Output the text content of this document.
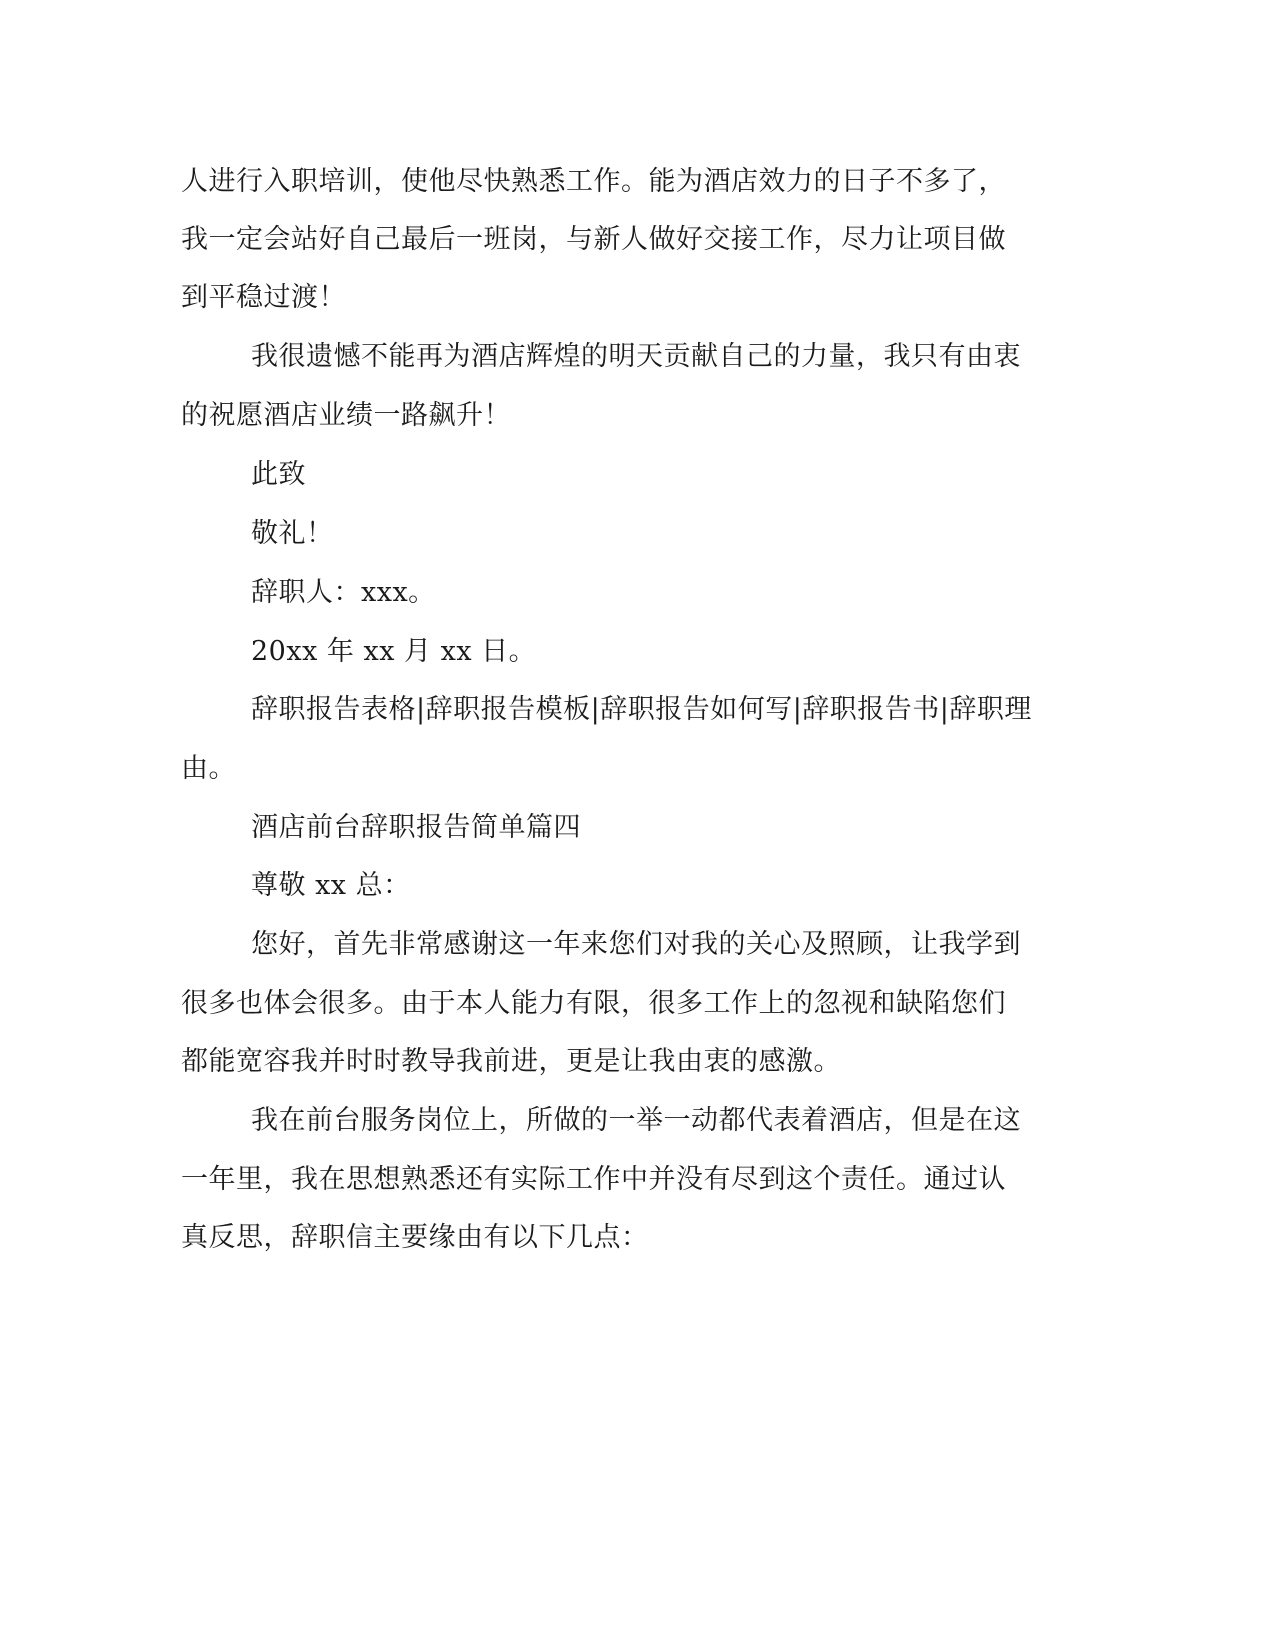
人进行入职培训，使他尽快熟悉工作。能为酒店效力的日子不多了，
我一定会站好自己最后一班岗，与新人做好交接工作，尽力让项目做
到平稳过渡！
我很遗憾不能再为酒店辉煌的明天贡献自己的力量，我只有由衷
的祝愿酒店业绩一路飙升！
此致
敬礼！
辞职人：xxx。
20xx 年 xx 月 xx 日。
辞职报告表格|辞职报告模板|辞职报告如何写|辞职报告书|辞职理
由。
酒店前台辞职报告简单篇四
尊敬 xx 总：
您好，首先非常感谢这一年来您们对我的关心及照顾，让我学到
很多也体会很多。由于本人能力有限，很多工作上的忽视和缺陷您们
都能宽容我并时时教导我前进，更是让我由衷的感激。
我在前台服务岗位上，所做的一举一动都代表着酒店，但是在这
一年里，我在思想熟悉还有实际工作中并没有尽到这个责任。通过认
真反思，辞职信主要缘由有以下几点：
